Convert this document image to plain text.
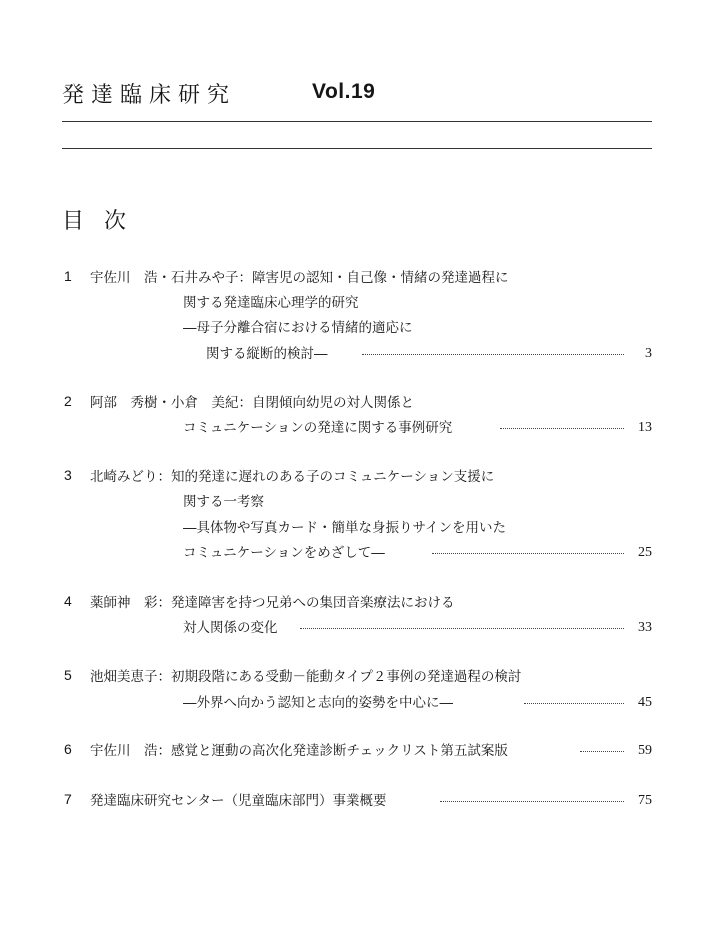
発達臨床研究	Vol.19
目次
1 宇佐川　浩・石井みや子：障害児の認知・自己像・情緒の発達過程に
関する発達臨床心理学的研究
―母子分離合宿における情緒的適応に
関する縦断的検討―	3
2 阿部　秀樹・小倉　美紀：自閉傾向幼児の対人関係と
コミュニケーションの発達に関する事例研究	13
3 北崎みどり：知的発達に遅れのある子のコミュニケーション支援に
関する一考察
―具体物や写真カード・簡単な身振りサインを用いた
コミュニケーションをめざして―	25
4 薬師神　彩：発達障害を持つ兄弟への集団音楽療法における
対人関係の変化	33
5 池畑美恵子：初期段階にある受動－能動タイプ２事例の発達過程の検討
―外界へ向かう認知と志向的姿勢を中心に―	45
6 宇佐川　浩：感覚と運動の高次化発達診断チェックリスト第五試案版	59
7 発達臨床研究センター（児童臨床部門）事業概要	75
